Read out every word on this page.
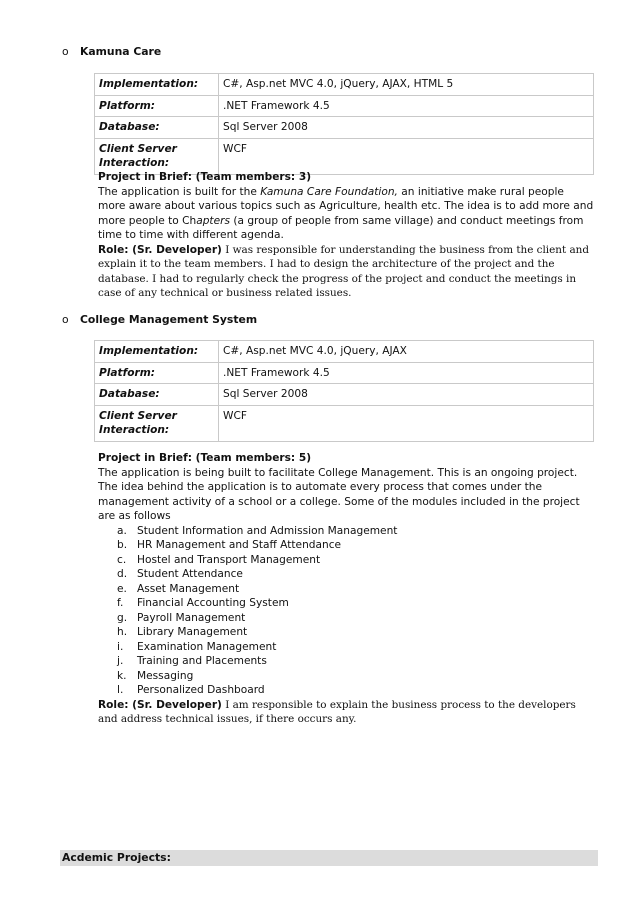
o Kamuna Care
Implementation:	C#, Asp.net MVC 4.0, jQuery, AJAX, HTML 5
Platform:	.NET Framework 4.5
Database:	Sql Server 2008
Client Server Interaction:	WCF

Project in Brief: (Team members: 3)

The application is built for the Kamuna Care Foundation, an initiative make rural people more aware about various topics such as Agriculture, health etc. The idea is to add more and more people to Chapters (a group of people from same village) and conduct meetings from time to time with different agenda.

Role: (Sr. Developer) I was responsible for understanding the business from the client and explain it to the team members. I had to design the architecture of the project and the database. I had to regularly check the progress of the project and conduct the meetings in case of any technical or business related issues.

o College Management System
Implementation:	C#, Asp.net MVC 4.0, jQuery, AJAX
Platform:	.NET Framework 4.5
Database:	Sql Server 2008
Client Server Interaction:	WCF

Project in Brief: (Team members: 5)

The application is being built to facilitate College Management. This is an ongoing project. The idea behind the application is to automate every process that comes under the management activity of a school or a college. Some of the modules included in the project are as follows

a. Student Information and Admission Management
b. HR Management and Staff Attendance
c. Hostel and Transport Management
d. Student Attendance
e. Asset Management
f. Financial Accounting System
g. Payroll Management
h. Library Management
i. Examination Management
j. Training and Placements
k. Messaging
l. Personalized Dashboard

Role: (Sr. Developer) I am responsible to explain the business process to the developers and address technical issues, if there occurs any.

Acdemic Projects:
